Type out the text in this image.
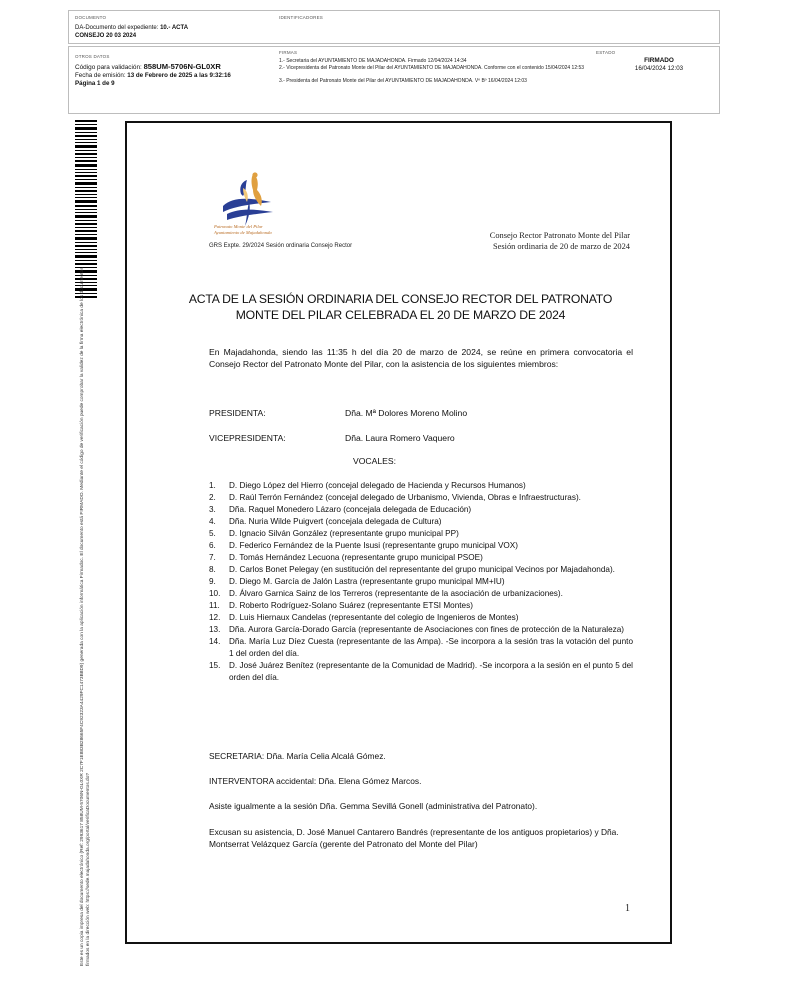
DOCUMENTO
DA-Documento del expediente: 10.- ACTA
CONSEJO 20 03 2024
IDENTIFICADORES
OTROS DATOS
Código para validación: 858UM-5706N-GL0XR
Fecha de emisión: 13 de Febrero de 2025 a las 9:32:16
Página 1 de 9
FIRMAS
1.- Secretaria del AYUNTAMIENTO DE MAJADAHONDA. Firmado 12/04/2024 14:34
2.- Vicepresidenta del Patronato Monte del Pilar del AYUNTAMIENTO DE MAJADAHONDA. Conforme con el contenido 15/04/2024 12:53
3.- Presidenta del Patronato Monte del Pilar del AYUNTAMIENTO DE MAJADAHONDA. Vº Bº 16/04/2024 12:03
ESTADO
FIRMADO
16/04/2024 12:03
Este es un copia impresa del documento electrónico (Ref: 2993617 858UM-5706N-GL0XR 2C7F1E883B28665F4C92323A4429FC1473B8D9) generada con la aplicación informática Firmadoc. El documento está FIRMADO. Mediante el código de verificación puede comprobar la validez de la firma electrónica de los documentos firmados en la dirección web: https://sede.majadahonda.org/portal/verificaDocumentos.do?
Patronato Monte del Pilar
Ayuntamiento de Majadahonda	Consejo Rector Patronato Monte del Pilar
Sesión ordinaria de 20 de marzo de 2024
GRS Expte. 29/2024 Sesión ordinaria Consejo Rector
ACTA DE LA SESIÓN ORDINARIA DEL CONSEJO RECTOR DEL PATRONATO
MONTE DEL PILAR CELEBRADA EL 20 DE MARZO DE 2024
En Majadahonda, siendo las 11:35 h del día 20 de marzo de 2024, se reúne en primera convocatoria el Consejo Rector del Patronato Monte del Pilar, con la asistencia de los siguientes miembros:
PRESIDENTA:	Dña. Mª Dolores Moreno Molino
VICEPRESIDENTA:	Dña. Laura Romero Vaquero
VOCALES:
1. D. Diego López del Hierro (concejal delegado de Hacienda y Recursos Humanos)
2. D. Raúl Terrón Fernández (concejal delegado de Urbanismo, Vivienda, Obras e Infraestructuras).
3. Dña. Raquel Monedero Lázaro (concejala delegada de Educación)
4. Dña. Nuria Wilde Puigvert (concejala delegada de Cultura)
5. D. Ignacio Silván González (representante grupo municipal PP)
6. D. Federico Fernández de la Puente Isusi (representante grupo municipal VOX)
7. D. Tomás Hernández Lecuona (representante grupo municipal PSOE)
8. D. Carlos Bonet Pelegay (en sustitución del representante del grupo municipal Vecinos por Majadahonda).
9. D. Diego M. García de Jalón Lastra (representante grupo municipal MM+IU)
10. D. Álvaro Garnica Sainz de los Terreros (representante de la asociación de urbanizaciones).
11. D. Roberto Rodríguez-Solano Suárez (representante ETSI Montes)
12. D. Luis Hiernaux Candelas (representante del colegio de Ingenieros de Montes)
13. Dña. Aurora García-Dorado García (representante de Asociaciones con fines de protección de la Naturaleza)
14. Dña. María Luz Díez Cuesta (representante de las Ampa). -Se incorpora a la sesión tras la votación del punto 1 del orden del día.
15. D. José Juárez Benítez (representante de la Comunidad de Madrid). -Se incorpora a la sesión en el punto 5 del orden del día.
SECRETARIA: Dña. María Celia Alcalá Gómez.
INTERVENTORA accidental: Dña. Elena Gómez Marcos.
Asiste igualmente a la sesión Dña. Gemma Sevillá Gonell (administrativa del Patronato).
Excusan su asistencia, D. José Manuel Cantarero Bandrés (representante de los antiguos propietarios) y Dña. Montserrat Velázquez García (gerente del Patronato del Monte del Pilar)
1
